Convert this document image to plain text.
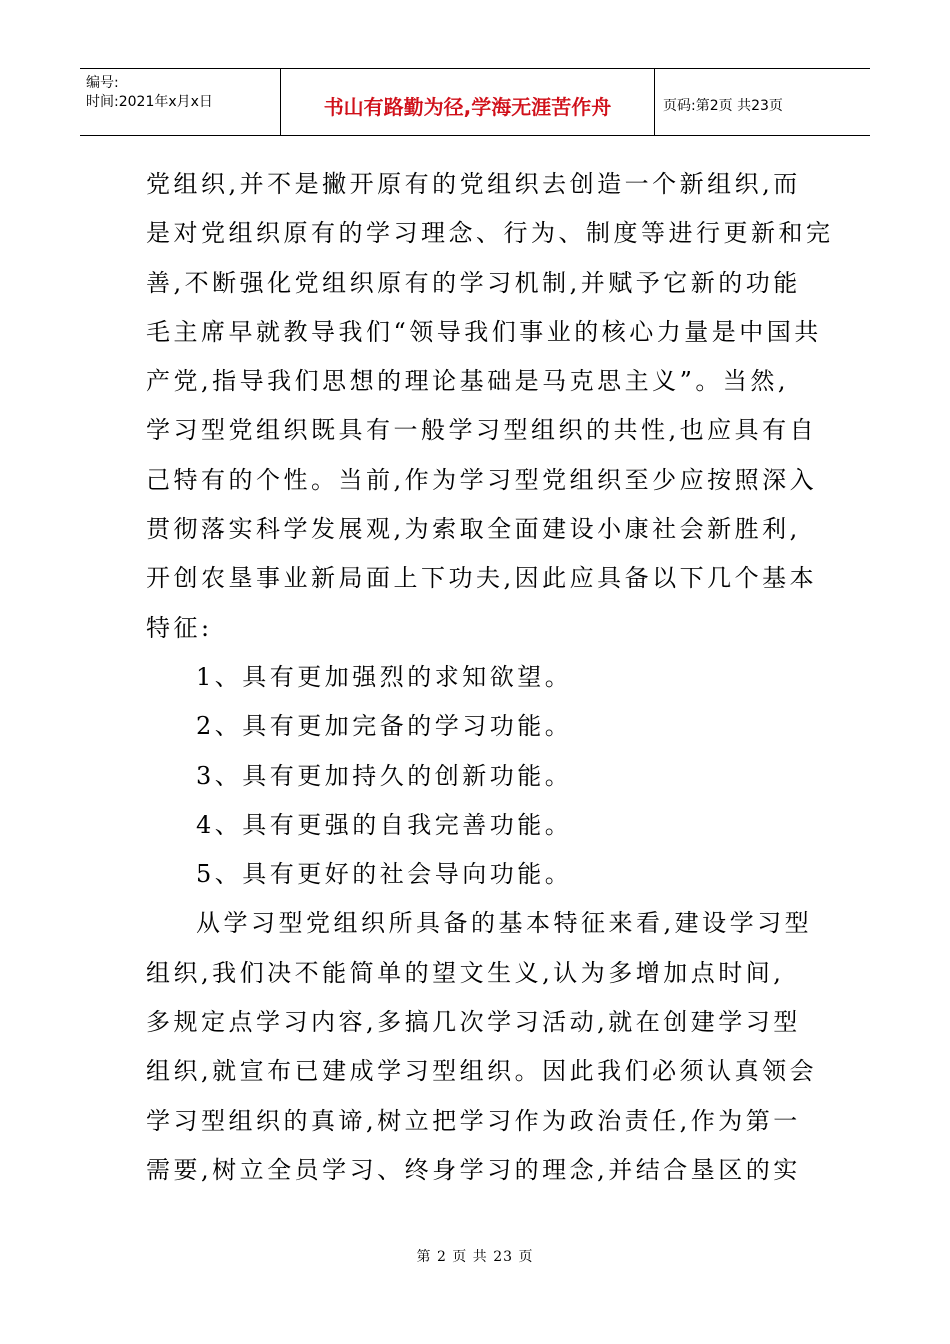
编号:
时间:2021年x月x日	书山有路勤为径,学海无涯苦作舟	页码:第2页 共23页
党组织,并不是撇开原有的党组织去创造一个新组织,而
是对党组织原有的学习理念、行为、制度等进行更新和完
善,不断强化党组织原有的学习机制,并赋予它新的功能
毛主席早就教导我们“领导我们事业的核心力量是中国共
产党,指导我们思想的理论基础是马克思主义”。当然,
学习型党组织既具有一般学习型组织的共性,也应具有自
己特有的个性。当前,作为学习型党组织至少应按照深入
贯彻落实科学发展观,为索取全面建设小康社会新胜利,
开创农垦事业新局面上下功夫,因此应具备以下几个基本
特征:
1、具有更加强烈的求知欲望。
2、具有更加完备的学习功能。
3、具有更加持久的创新功能。
4、具有更强的自我完善功能。
5、具有更好的社会导向功能。
从学习型党组织所具备的基本特征来看,建设学习型
组织,我们决不能简单的望文生义,认为多增加点时间,
多规定点学习内容,多搞几次学习活动,就在创建学习型
组织,就宣布已建成学习型组织。因此我们必须认真领会
学习型组织的真谛,树立把学习作为政治责任,作为第一
需要,树立全员学习、终身学习的理念,并结合垦区的实
第 2 页 共 23 页
